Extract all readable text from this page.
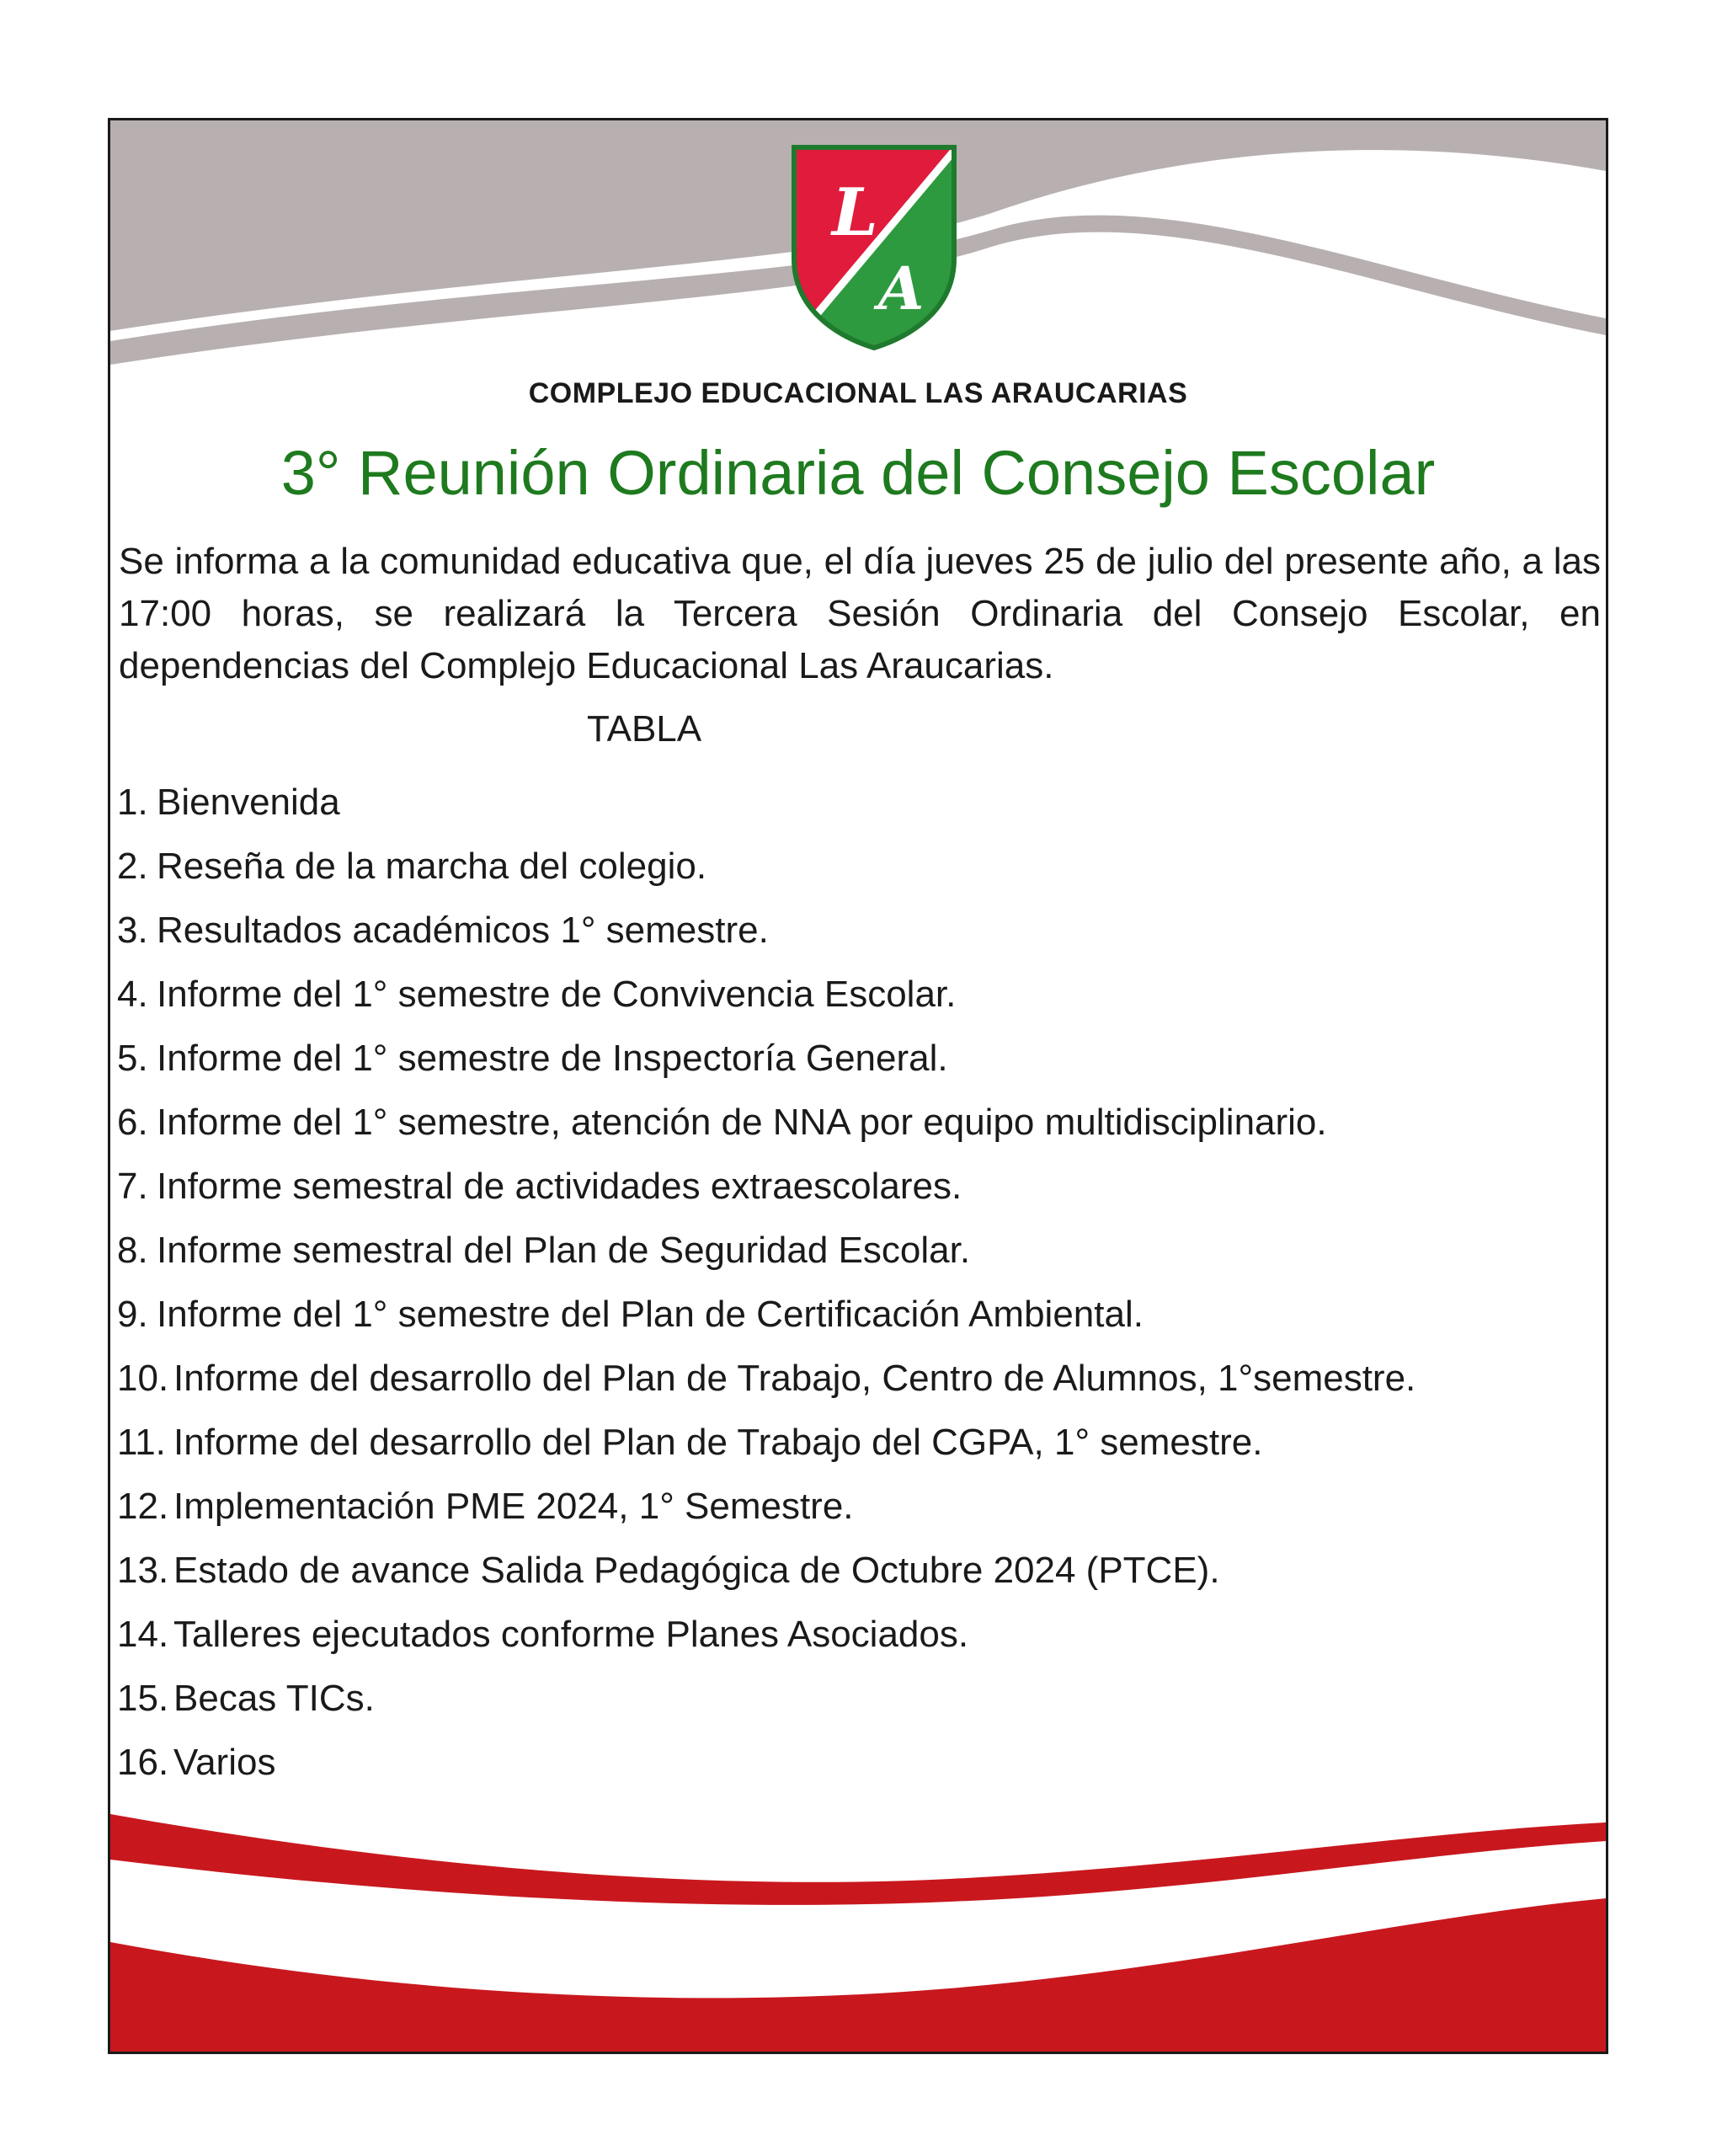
L
A
COMPLEJO EDUCACIONAL LAS ARAUCARIAS
3° Reunión Ordinaria del Consejo Escolar

Se informa a la comunidad educativa que, el día jueves 25 de julio del presente año, a las 17:00 horas, se realizará la Tercera Sesión Ordinaria del Consejo Escolar, en dependencias del Complejo Educacional Las Araucarias.

TABLA
1. Bienvenida
2. Reseña de la marcha del colegio.
3. Resultados académicos 1° semestre.
4. Informe del 1° semestre de Convivencia Escolar.
5. Informe del 1° semestre de Inspectoría General.
6. Informe del 1° semestre, atención de NNA por equipo multidisciplinario.
7. Informe semestral de actividades extraescolares.
8. Informe semestral del Plan de Seguridad Escolar.
9. Informe del 1° semestre del Plan de Certificación Ambiental.
10. Informe del desarrollo del Plan de Trabajo, Centro de Alumnos, 1°semestre.
11. Informe del desarrollo del Plan de Trabajo del CGPA, 1° semestre.
12. Implementación PME 2024, 1° Semestre.
13. Estado de avance Salida Pedagógica de Octubre 2024 (PTCE).
14. Talleres ejecutados conforme Planes Asociados.
15. Becas TICs.
16. Varios
